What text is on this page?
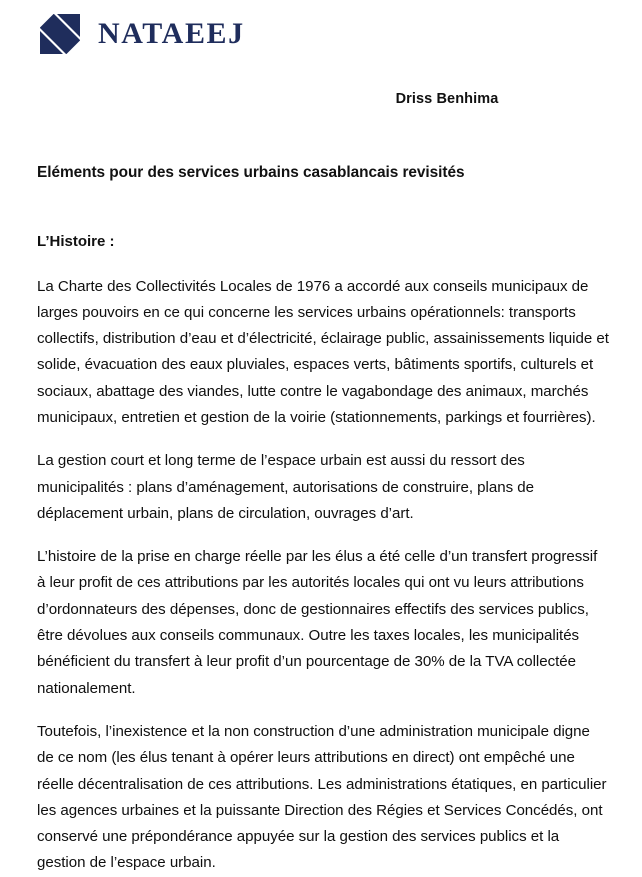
NATAEEJ
Driss Benhima
Eléments pour des services urbains casablancais revisités
L’Histoire :

La Charte des Collectivités Locales de 1976 a accordé aux conseils municipaux de larges pouvoirs en ce qui concerne les services urbains opérationnels: transports collectifs, distribution d’eau et d’électricité, éclairage public, assainissements liquide et solide, évacuation des eaux pluviales, espaces verts, bâtiments sportifs, culturels et sociaux, abattage des viandes, lutte contre le vagabondage des animaux, marchés municipaux, entretien et gestion de la voirie (stationnements, parkings et fourrières).

La gestion court et long terme de l’espace urbain est aussi du ressort des municipalités : plans d’aménagement, autorisations de construire, plans de déplacement urbain, plans de circulation, ouvrages d’art.

L’histoire de la prise en charge réelle par les élus a été celle d’un transfert progressif à leur profit de ces attributions par les autorités locales qui ont vu leurs attributions d’ordonnateurs des dépenses, donc de gestionnaires effectifs des services publics, être dévolues aux conseils communaux. Outre les taxes locales, les municipalités bénéficient du transfert à leur profit d’un pourcentage de 30% de la TVA collectée nationalement.

Toutefois, l’inexistence et la non construction d’une administration municipale digne de ce nom (les élus tenant à opérer leurs attributions en direct) ont empêché une réelle décentralisation de ces attributions. Les administrations étatiques, en particulier les agences urbaines et la puissante Direction des Régies et Services Concédés, ont conservé une prépondérance appuyée sur la gestion des services publics et la gestion de l’espace urbain.
